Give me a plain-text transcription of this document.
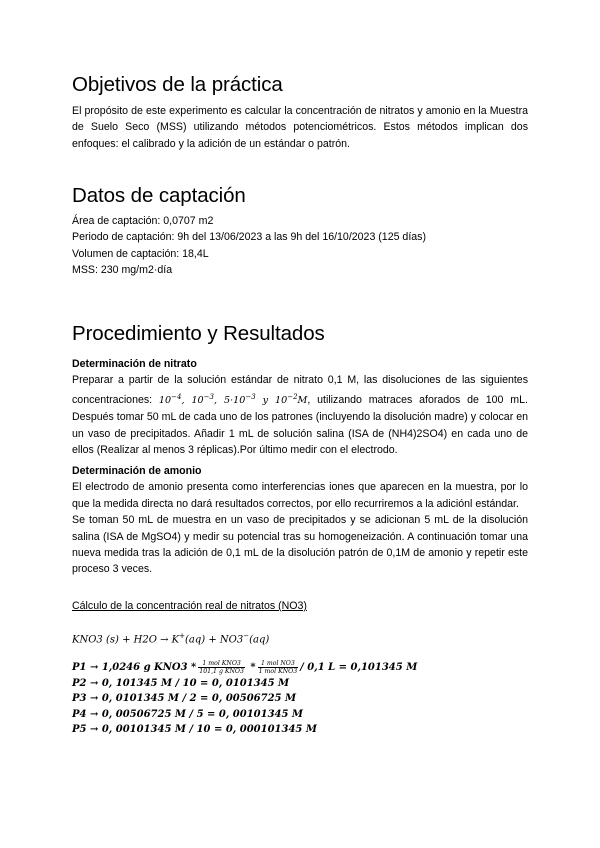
Objetivos de la práctica

El propósito de este experimento es calcular la concentración de nitratos y amonio en la Muestra de Suelo Seco (MSS) utilizando métodos potenciométricos. Estos métodos implican dos enfoques: el calibrado y la adición de un estándar o patrón.

Datos de captación

Área de captación: 0,0707 m2

Periodo de captación: 9h del 13/06/2023 a las 9h del 16/10/2023 (125 días)

Volumen de captación: 18,4L

MSS: 230 mg/m2·día

Procedimiento y Resultados

Determinación de nitrato

Preparar a partir de la solución estándar de nitrato 0,1 M, las disoluciones de las siguientes concentraciones: $10^{-4}$, $10^{-3}$, $5\cdot 10^{-3}$ y $10^{-2}M$, utilizando matraces aforados de 100 mL. Después tomar 50 mL de cada uno de los patrones (incluyendo la disolución madre) y colocar en un vaso de precipitados. Añadir 1 mL de solución salina (ISA de (NH4)2SO4) en cada uno de ellos (Realizar al menos 3 réplicas).Por último medir con el electrodo.

Determinación de amonio

El electrodo de amonio presenta como interferencias iones que aparecen en la muestra, por lo que la medida directa no dará resultados correctos, por ello recurriremos a la adiciónl estándar.

Se toman 50 mL de muestra en un vaso de precipitados y se adicionan 5 mL de la disolución salina (ISA de MgSO4) y medir su potencial tras su homogeneización. A continuación tomar una nueva medida tras la adición de 0,1 mL de la disolución patrón de 0,1M de amonio y repetir este proceso 3 veces.

Cálculo de la concentración real de nitratos (NO3)
KNO3 (s) + H2O → K+(aq) + NO3−(aq)
P1 → 1,0246 g $KNO3 * \frac{\text{1 mol KNO3}}{\text{101,1 g KNO3}} * \frac{\text{1 mol NO3}}{\text{1 mol KNO3}} / 0,1$ L = 0,101345 M
P2 → 0, 101345 M / 10 = 0, 0101345 M
P3 → 0, 0101345 M / 2 = 0, 00506725 M
P4 → 0, 00506725 M / 5 = 0, 00101345 M
P5 → 0, 00101345 M / 10 = 0, 000101345 M
